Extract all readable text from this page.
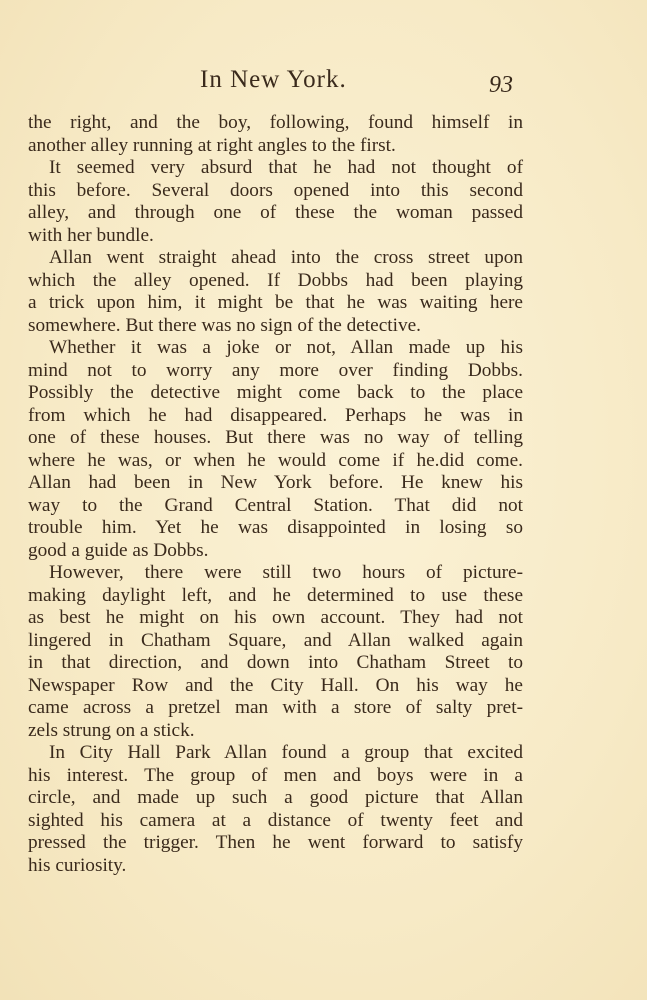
In New York.	93
the right, and the boy, following, found himself in
another alley running at right angles to the first.
It seemed very absurd that he had not thought of
this before. Several doors opened into this second
alley, and through one of these the woman passed
with her bundle.
Allan went straight ahead into the cross street upon
which the alley opened. If Dobbs had been playing
a trick upon him, it might be that he was waiting here
somewhere. But there was no sign of the detective.
Whether it was a joke or not, Allan made up his
mind not to worry any more over finding Dobbs.
Possibly the detective might come back to the place
from which he had disappeared. Perhaps he was in
one of these houses. But there was no way of telling
where he was, or when he would come if he.did come.
Allan had been in New York before. He knew his
way to the Grand Central Station. That did not
trouble him. Yet he was disappointed in losing so
good a guide as Dobbs.
However, there were still two hours of picture-
making daylight left, and he determined to use these
as best he might on his own account. They had not
lingered in Chatham Square, and Allan walked again
in that direction, and down into Chatham Street to
Newspaper Row and the City Hall. On his way he
came across a pretzel man with a store of salty pret-
zels strung on a stick.
In City Hall Park Allan found a group that excited
his interest. The group of men and boys were in a
circle, and made up such a good picture that Allan
sighted his camera at a distance of twenty feet and
pressed the trigger. Then he went forward to satisfy
his curiosity.
